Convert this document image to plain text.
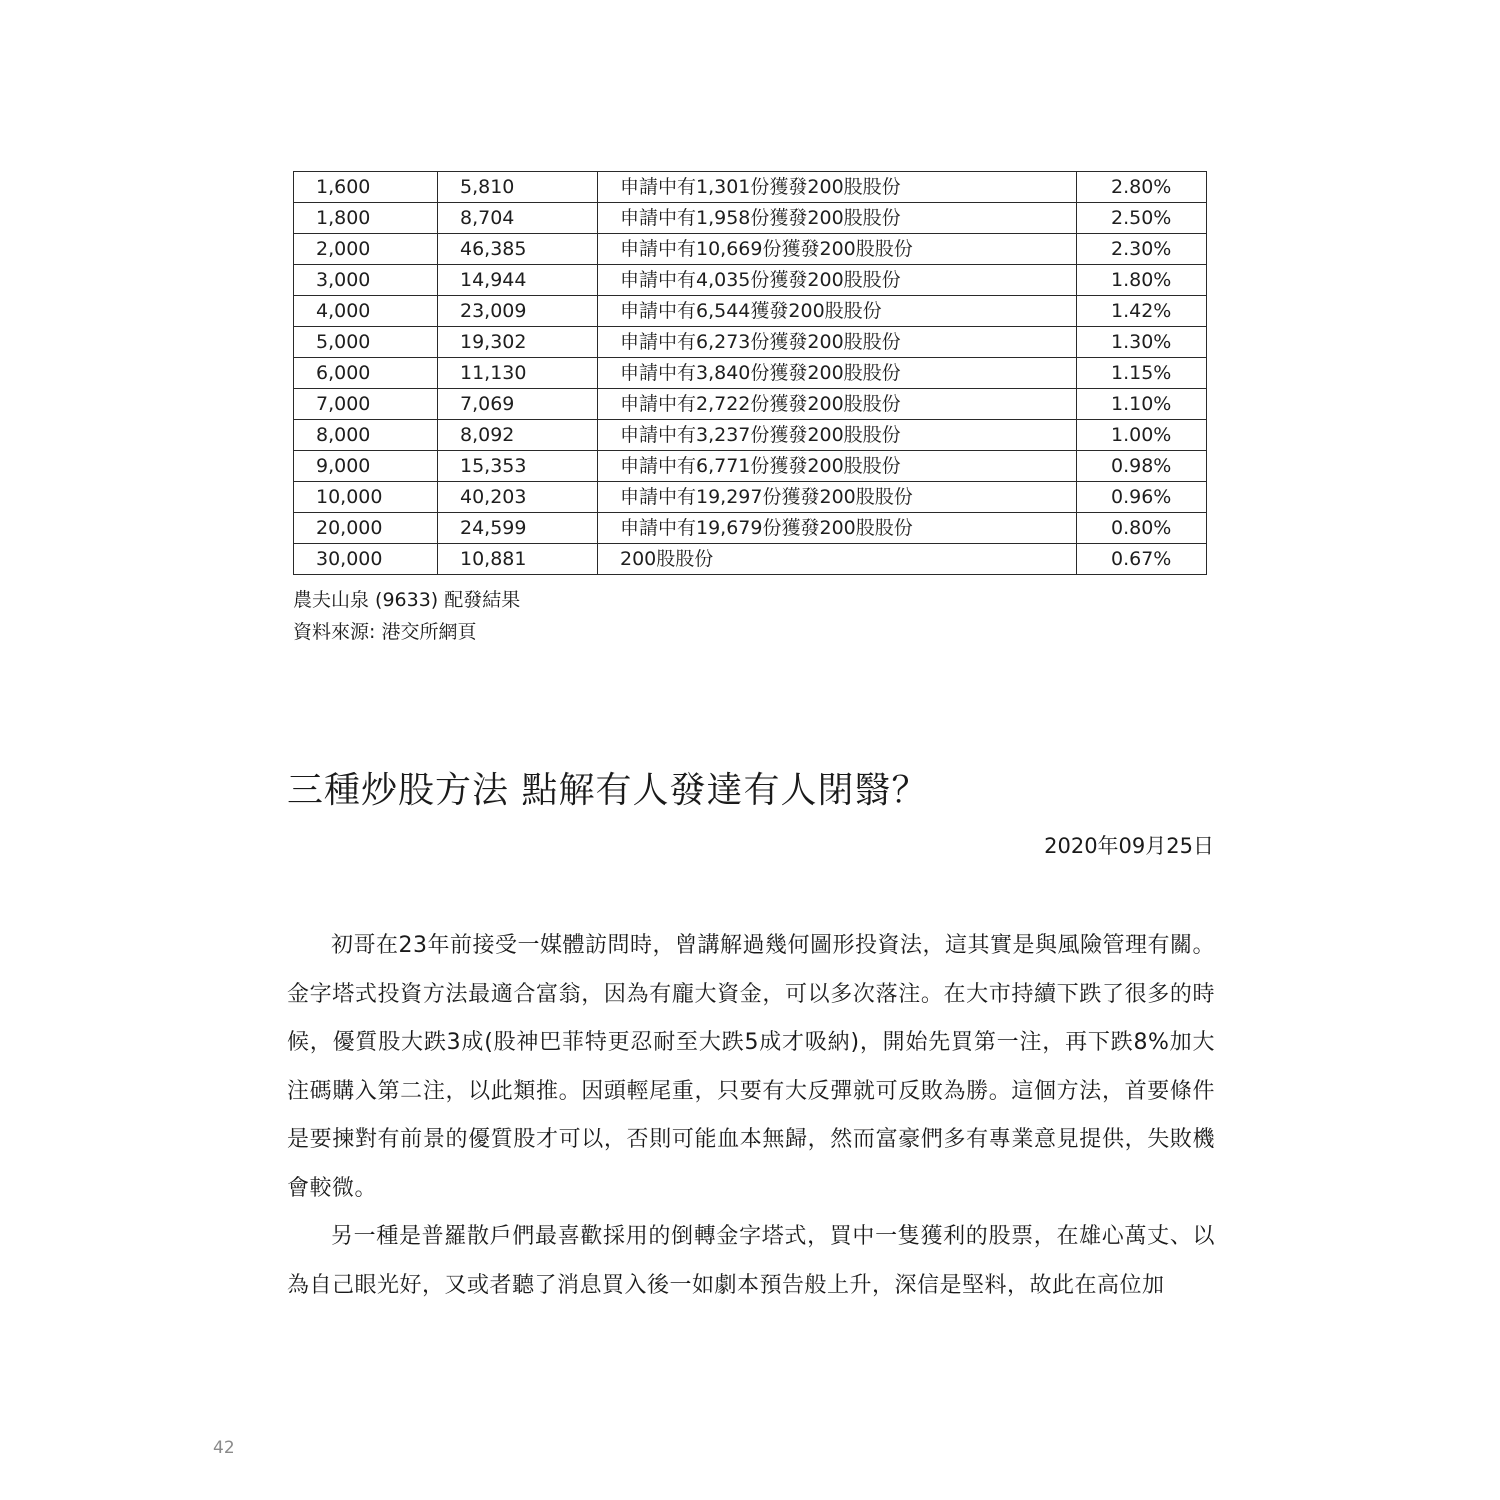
1,600	5,810	申請中有1,301份獲發200股股份	2.80%
1,800	8,704	申請中有1,958份獲發200股股份	2.50%
2,000	46,385	申請中有10,669份獲發200股股份	2.30%
3,000	14,944	申請中有4,035份獲發200股股份	1.80%
4,000	23,009	申請中有6,544獲發200股股份	1.42%
5,000	19,302	申請中有6,273份獲發200股股份	1.30%
6,000	11,130	申請中有3,840份獲發200股股份	1.15%
7,000	7,069	申請中有2,722份獲發200股股份	1.10%
8,000	8,092	申請中有3,237份獲發200股股份	1.00%
9,000	15,353	申請中有6,771份獲發200股股份	0.98%
10,000	40,203	申請中有19,297份獲發200股股份	0.96%
20,000	24,599	申請中有19,679份獲發200股股份	0.80%
30,000	10,881	200股股份	0.67%
農夫山泉 (9633) 配發結果
資料來源: 港交所網頁
三種炒股方法 點解有人發達有人閉翳？
2020年09月25日

初哥在23年前接受一媒體訪問時，曾講解過幾何圖形投資法，這其實是與風險管理有關。金字塔式投資方法最適合富翁，因為有龐大資金，可以多次落注。在大市持續下跌了很多的時候，優質股大跌3成(股神巴菲特更忍耐至大跌5成才吸納)，開始先買第一注，再下跌8%加大注碼購入第二注，以此類推。因頭輕尾重，只要有大反彈就可反敗為勝。這個方法，首要條件是要揀對有前景的優質股才可以，否則可能血本無歸，然而富豪們多有專業意見提供，失敗機會較微。

另一種是普羅散戶們最喜歡採用的倒轉金字塔式，買中一隻獲利的股票，在雄心萬丈、以為自己眼光好，又或者聽了消息買入後一如劇本預告般上升，深信是堅料，故此在高位加

42
